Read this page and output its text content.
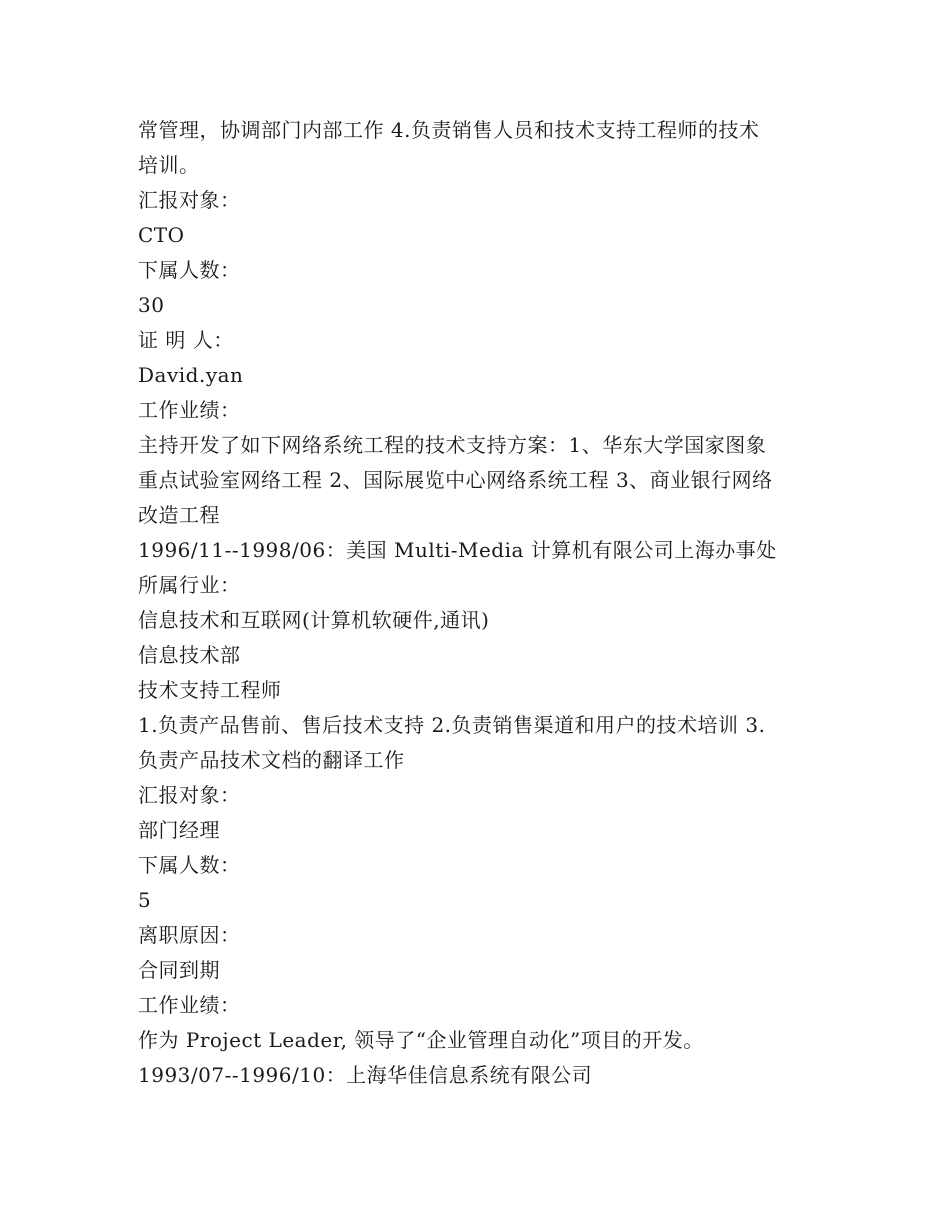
常管理，协调部门内部工作 4.负责销售人员和技术支持工程师的技术
培训。
汇报对象：
CTO
下属人数：
30
证 明 人：
David.yan
工作业绩：
主持开发了如下网络系统工程的技术支持方案：1、华东大学国家图象
重点试验室网络工程 2、国际展览中心网络系统工程 3、商业银行网络
改造工程
1996/11--1998/06：美国 Multi-Media 计算机有限公司上海办事处
所属行业：
信息技术和互联网(计算机软硬件,通讯)
信息技术部
技术支持工程师
1.负责产品售前、售后技术支持 2.负责销售渠道和用户的技术培训 3.
负责产品技术文档的翻译工作
汇报对象：
部门经理
下属人数：
5
离职原因：
合同到期
工作业绩：
作为 Project Leader, 领导了“企业管理自动化”项目的开发。
1993/07--1996/10：上海华佳信息系统有限公司
